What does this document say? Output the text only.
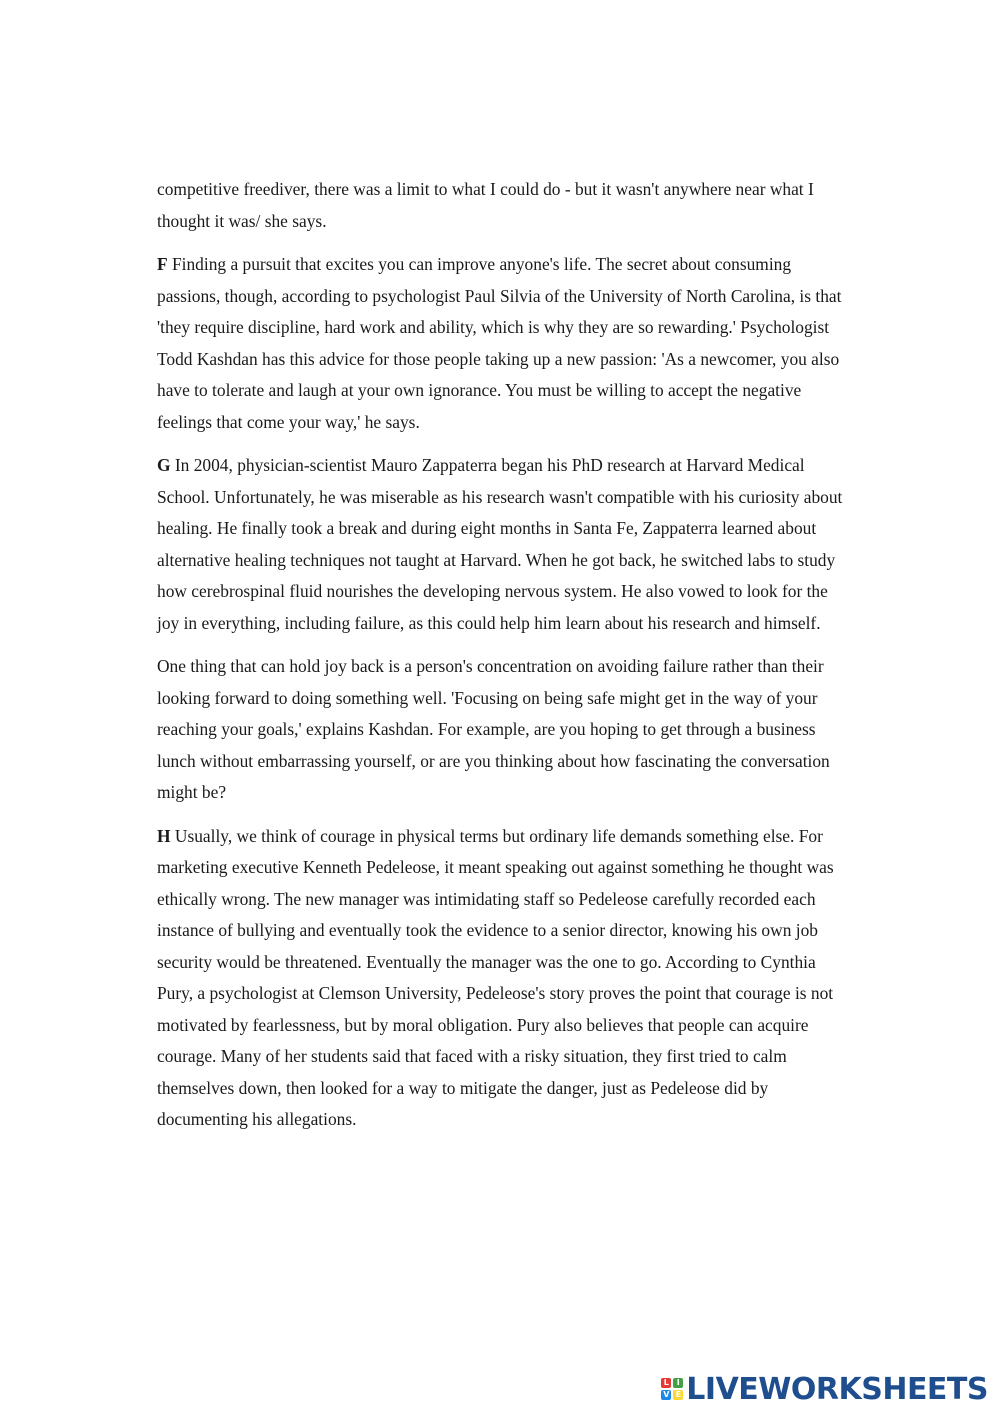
competitive freediver, there was a limit to what I could do - but it wasn't anywhere near what I thought it was/ she says.

F Finding a pursuit that excites you can improve anyone's life. The secret about consuming passions, though, according to psychologist Paul Silvia of the University of North Carolina, is that 'they require discipline, hard work and ability, which is why they are so rewarding.' Psychologist Todd Kashdan has this advice for those people taking up a new passion: 'As a newcomer, you also have to tolerate and laugh at your own ignorance. You must be willing to accept the negative feelings that come your way,' he says.

G In 2004, physician-scientist Mauro Zappaterra began his PhD research at Harvard Medical School. Unfortunately, he was miserable as his research wasn't compatible with his curiosity about healing. He finally took a break and during eight months in Santa Fe, Zappaterra learned about alternative healing techniques not taught at Harvard. When he got back, he switched labs to study how cerebrospinal fluid nourishes the developing nervous system. He also vowed to look for the joy in everything, including failure, as this could help him learn about his research and himself.

One thing that can hold joy back is a person's concentration on avoiding failure rather than their looking forward to doing something well. 'Focusing on being safe might get in the way of your reaching your goals,' explains Kashdan. For example, are you hoping to get through a business lunch without embarrassing yourself, or are you thinking about how fascinating the conversation might be?

H Usually, we think of courage in physical terms but ordinary life demands something else. For marketing executive Kenneth Pedeleose, it meant speaking out against something he thought was ethically wrong. The new manager was intimidating staff so Pedeleose carefully recorded each instance of bullying and eventually took the evidence to a senior director, knowing his own job security would be threatened. Eventually the manager was the one to go. According to Cynthia Pury, a psychologist at Clemson University, Pedeleose's story proves the point that courage is not motivated by fearlessness, but by moral obligation. Pury also believes that people can acquire courage. Many of her students said that faced with a risky situation, they first tried to calm themselves down, then looked for a way to mitigate the danger, just as Pedeleose did by documenting his allegations.

L I
V E LIVEWORKSHEETS
